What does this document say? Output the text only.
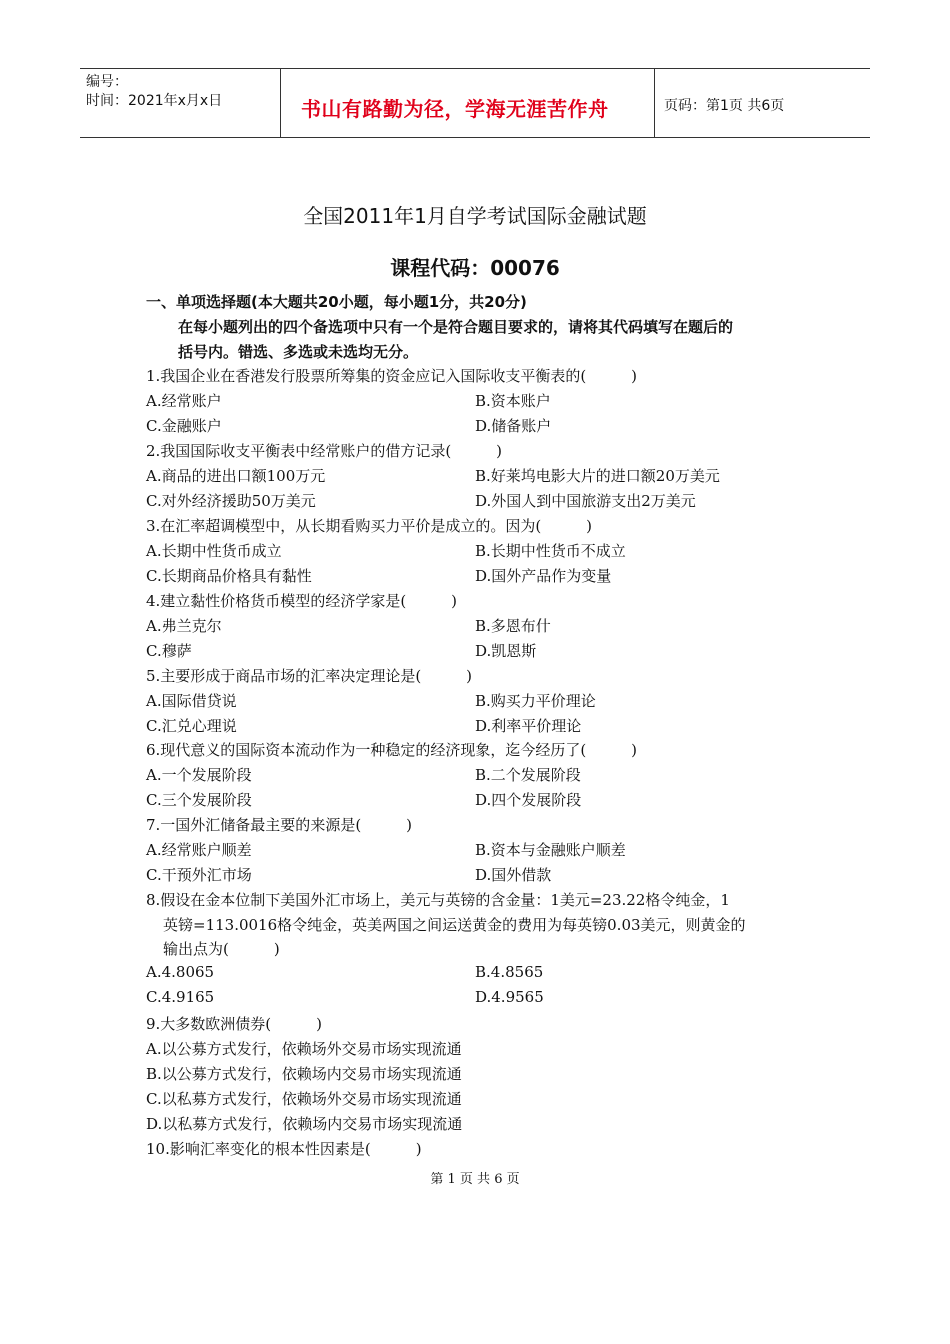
编号：
时间：2021年x月x日	书山有路勤为径，学海无涯苦作舟	页码：第1页 共6页
全国2011年1月自学考试国际金融试题
课程代码：00076
一、单项选择题(本大题共20小题，每小题1分，共20分)
在每小题列出的四个备选项中只有一个是符合题目要求的，请将其代码填写在题后的
括号内。错选、多选或未选均无分。
1.我国企业在香港发行股票所筹集的资金应记入国际收支平衡表的(　　　)
A.经常账户	B.资本账户
C.金融账户	D.储备账户
2.我国国际收支平衡表中经常账户的借方记录(　　　)
A.商品的进出口额100万元	B.好莱坞电影大片的进口额20万美元
C.对外经济援助50万美元	D.外国人到中国旅游支出2万美元
3.在汇率超调模型中，从长期看购买力平价是成立的。因为(　　　)
A.长期中性货币成立	B.长期中性货币不成立
C.长期商品价格具有黏性	D.国外产品作为变量
4.建立黏性价格货币模型的经济学家是(　　　)
A.弗兰克尔	B.多恩布什
C.穆萨	D.凯恩斯
5.主要形成于商品市场的汇率决定理论是(　　　)
A.国际借贷说	B.购买力平价理论
C.汇兑心理说	D.利率平价理论
6.现代意义的国际资本流动作为一种稳定的经济现象，迄今经历了(　　　)
A.一个发展阶段	B.二个发展阶段
C.三个发展阶段	D.四个发展阶段
7.一国外汇储备最主要的来源是(　　　)
A.经常账户顺差	B.资本与金融账户顺差
C.干预外汇市场	D.国外借款
8.假设在金本位制下美国外汇市场上，美元与英镑的含金量：1美元=23.22格令纯金，1
英镑=113.0016格令纯金，英美两国之间运送黄金的费用为每英镑0.03美元，则黄金的
输出点为(　　　)
A.4.8065	B.4.8565
C.4.9165	D.4.9565
9.大多数欧洲债券(　　　)
A.以公募方式发行，依赖场外交易市场实现流通
B.以公募方式发行，依赖场内交易市场实现流通
C.以私募方式发行，依赖场外交易市场实现流通
D.以私募方式发行，依赖场内交易市场实现流通
10.影响汇率变化的根本性因素是(　　　)
第 1 页 共 6 页
